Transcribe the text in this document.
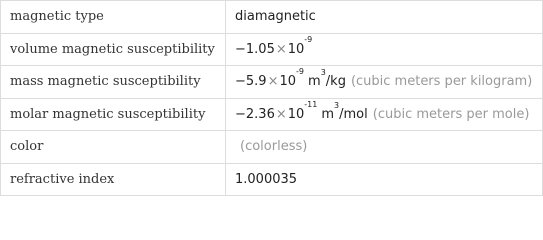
magnetic type	diamagnetic
volume magnetic susceptibility	$-1.05\times 10^{-9}$
mass magnetic susceptibility	$-5.9\times 10^{-9}m^3/kg$ (cubic meters per kilogram)
molar magnetic susceptibility	$-2.36\times 10^{-11}m^3$/mol (cubic meters per mole)
color	(colorless)
refractive index	1.000035
